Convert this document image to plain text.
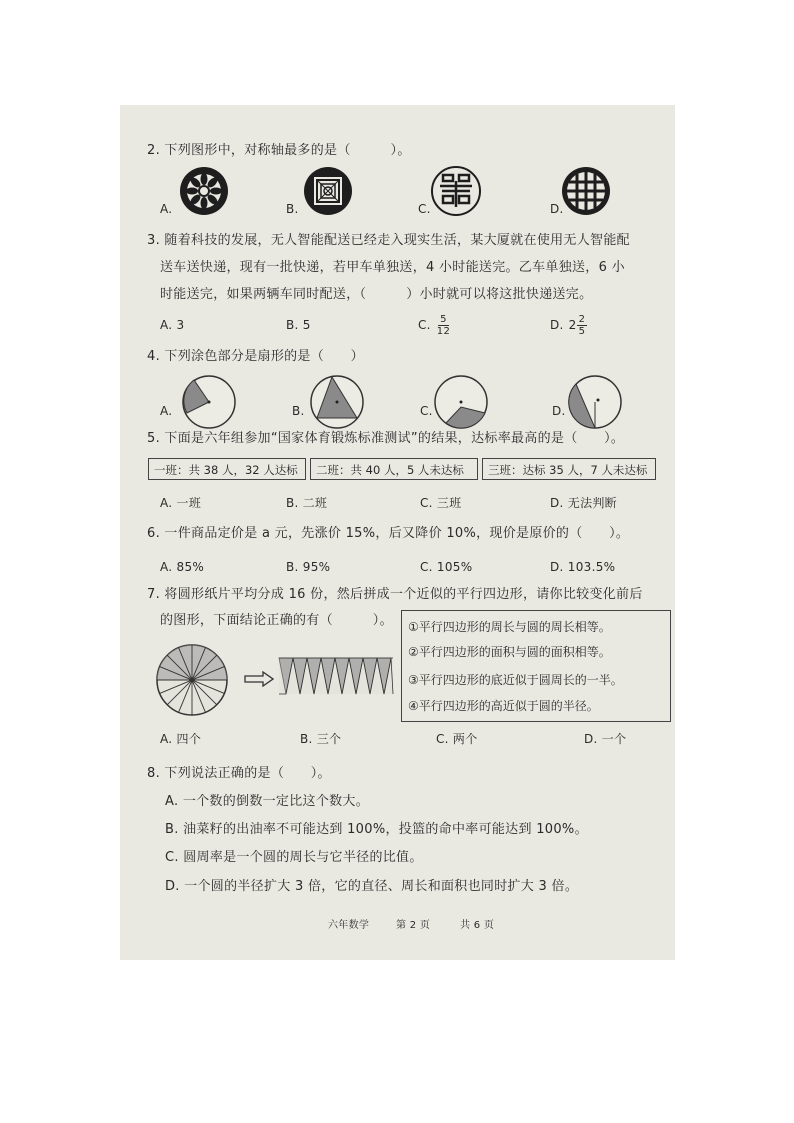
2. 下列图形中，对称轴最多的是（　　　）。
A.	B.	C.	D.
3. 随着科技的发展，无人智能配送已经走入现实生活，某大厦就在使用无人智能配
送车送快递，现有一批快递，若甲车单独送，4 小时能送完。乙车单独送，6 小
时能送完，如果两辆车同时配送，（　　　）小时就可以将这批快递送完。
A. 3	B. 5	C. $\frac{5}{12}$	D. $2 \frac{2}{5}$
4. 下列涂色部分是扇形的是（　　）
A.	B.	C.	D.
5. 下面是六年组参加“国家体育锻炼标准测试”的结果，达标率最高的是（　　）。
一班：共 38 人，32 人达标	二班：共 40 人，5 人未达标	三班：达标 35 人，7 人未达标
A. 一班	B. 二班	C. 三班	D. 无法判断
6. 一件商品定价是 a 元，先涨价 15%，后又降价 10%，现价是原价的（　　）。
A. 85%	B. 95%	C. 105%	D. 103.5%
7. 将圆形纸片平均分成 16 份，然后拼成一个近似的平行四边形，请你比较变化前后
的图形，下面结论正确的有（　　　）。 ①平行四边形的周长与圆的周长相等。
②平行四边形的面积与圆的面积相等。
③平行四边形的底近似于圆周长的一半。
④平行四边形的高近似于圆的半径。
A. 四个	B. 三个	C. 两个	D. 一个
8. 下列说法正确的是（　　）。
A. 一个数的倒数一定比这个数大。
B. 油菜籽的出油率不可能达到 100%，投篮的命中率可能达到 100%。
C. 圆周率是一个圆的周长与它半径的比值。
D. 一个圆的半径扩大 3 倍，它的直径、周长和面积也同时扩大 3 倍。
六年数学	第 2 页	共 6 页
